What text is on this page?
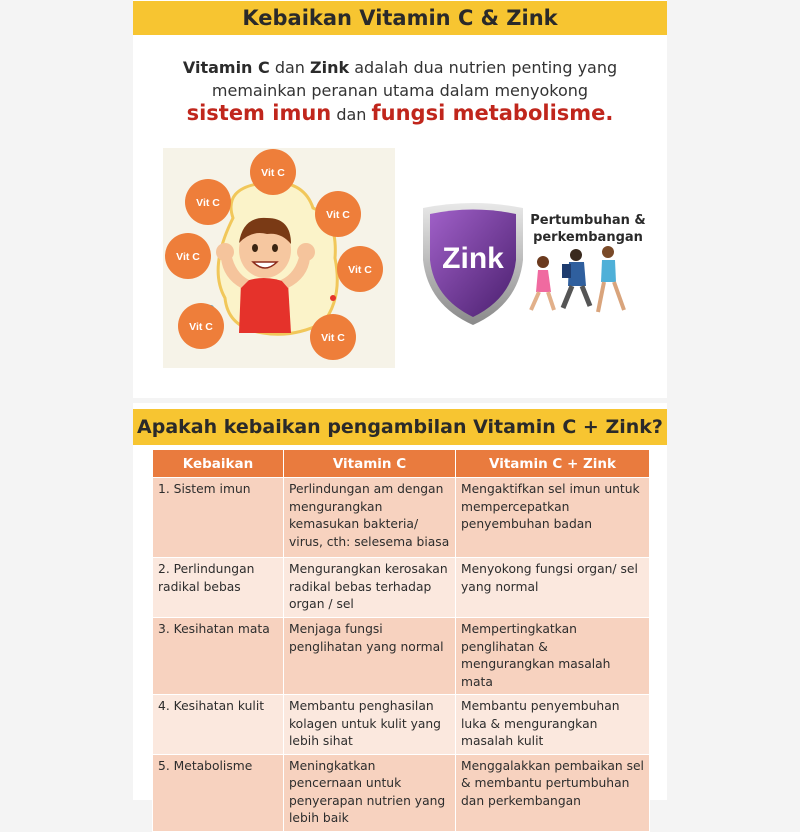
Kebaikan Vitamin C & Zink
Vitamin C dan Zink adalah dua nutrien penting yang memainkan peranan utama dalam menyokong
sistem imun dan fungsi metabolisme.
Vit C
Vit C
Vit C
Vit C
Vit C
Vit C
Vit C
Zink
Pertumbuhan &
perkembangan
Apakah kebaikan pengambilan Vitamin C + Zink?
Kebaikan	Vitamin C	Vitamin C + Zink
1. Sistem imun	Perlindungan am dengan mengurangkan kemasukan bakteria/ virus, cth: selesema biasa	Mengaktifkan sel imun untuk mempercepatkan penyembuhan badan
2. Perlindungan radikal bebas	Mengurangkan kerosakan radikal bebas terhadap organ / sel	Menyokong fungsi organ/ sel yang normal
3. Kesihatan mata	Menjaga fungsi penglihatan yang normal	Mempertingkatkan penglihatan & mengurangkan masalah mata
4. Kesihatan kulit	Membantu penghasilan kolagen untuk kulit yang lebih sihat	Membantu penyembuhan luka & mengurangkan masalah kulit
5. Metabolisme	Meningkatkan pencernaan untuk penyerapan nutrien yang lebih baik	Menggalakkan pembaikan sel & membantu pertumbuhan dan perkembangan
